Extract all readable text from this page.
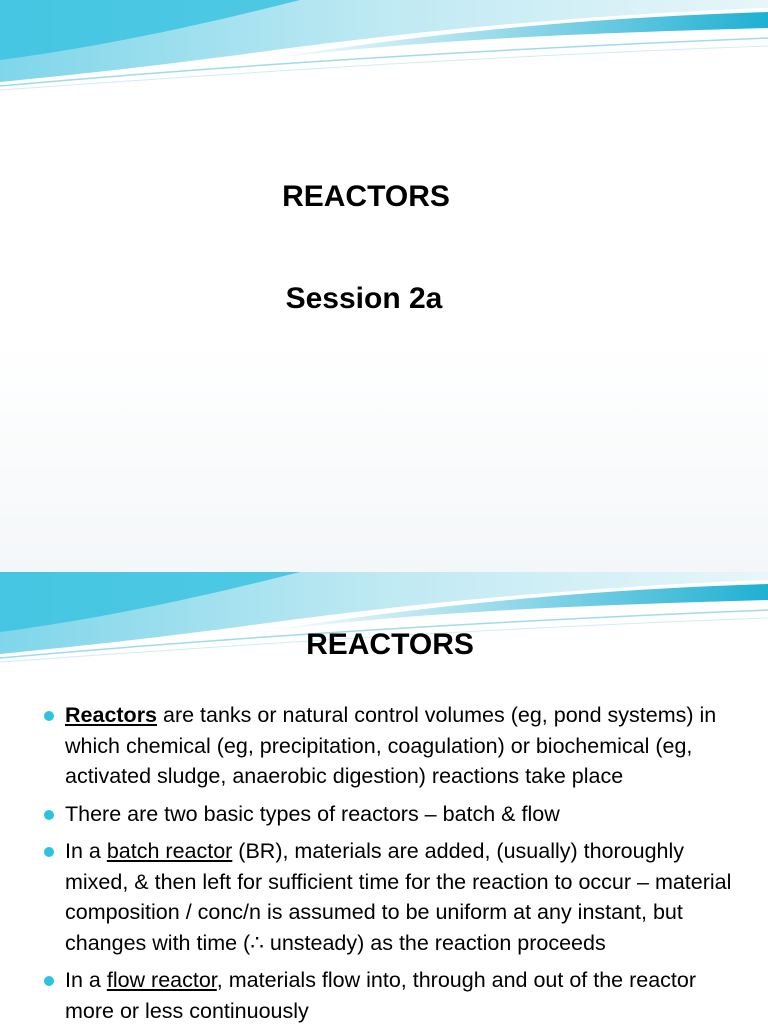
REACTORS
Session 2a
REACTORS
Reactors are tanks or natural control volumes (eg, pond systems) in which chemical (eg, precipitation, coagulation) or biochemical (eg, activated sludge, anaerobic digestion) reactions take place
There are two basic types of reactors – batch & flow
In a batch reactor (BR), materials are added, (usually) thoroughly mixed, & then left for sufficient time for the reaction to occur – material composition / conc/n is assumed to be uniform at any instant, but changes with time (∴ unsteady) as the reaction proceeds
In a flow reactor, materials flow into, through and out of the reactor more or less continuously
